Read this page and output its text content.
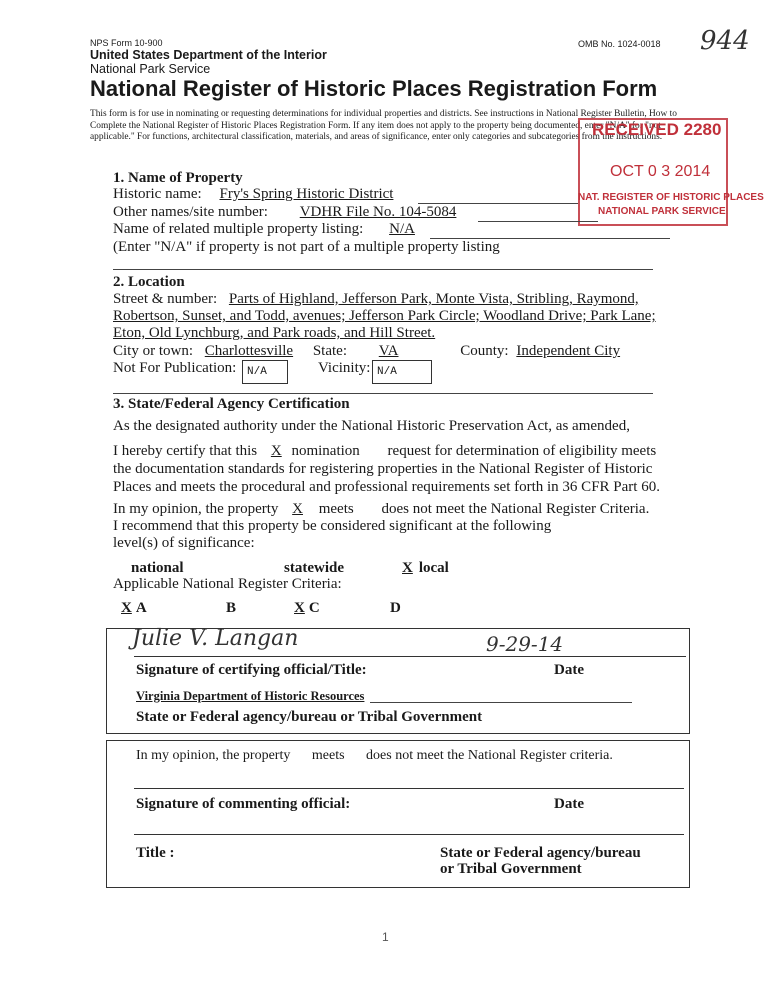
NPS Form 10-900	OMB No. 1024-0018 944
United States Department of the Interior
National Park Service
National Register of Historic Places Registration Form
This form is for use in nominating or requesting determinations for individual properties and districts. See instructions in National Register Bulletin, How to Complete the National Register of Historic Places Registration Form. If any item does not apply to the property being documented, enter "N/A" for "not applicable." For functions, architectural classification, materials, and areas of significance, enter only categories and subcategories from the instructions.
RECEIVED 2280
OCT 0 3 2014
NAT. REGISTER OF HISTORIC PLACES
NATIONAL PARK SERVICE
1. Name of Property
Historic name: Fry's Spring Historic District
Other names/site number: VDHR File No. 104-5084
Name of related multiple property listing: N/A
(Enter "N/A" if property is not part of a multiple property listing
2. Location
Street & number: Parts of Highland, Jefferson Park, Monte Vista, Stribling, Raymond,
Robertson, Sunset, and Todd, avenues; Jefferson Park Circle; Woodland Drive; Park Lane;
Eton, Old Lynchburg, and Park roads, and Hill Street.
City or town: Charlottesville State: VA	County: Independent City
Not For Publication: N/A	Vicinity: N/A
3. State/Federal Agency Certification
As the designated authority under the National Historic Preservation Act, as amended,
I hereby certify that this X nomination request for determination of eligibility meets
the documentation standards for registering properties in the National Register of Historic
Places and meets the procedural and professional requirements set forth in 36 CFR Part 60.
In my opinion, the property X meets does not meet the National Register Criteria.
I recommend that this property be considered significant at the following
level(s) of significance:
national	statewide	X local
Applicable National Register Criteria:
X A	B	X C	D
Julie V. Langan	9-29-14
Signature of certifying official/Title:	Date
Virginia Department of Historic Resources
State or Federal agency/bureau or Tribal Government
In my opinion, the property meets does not meet the National Register criteria.
Signature of commenting official:	Date
Title :	State or Federal agency/bureau
or Tribal Government
1
